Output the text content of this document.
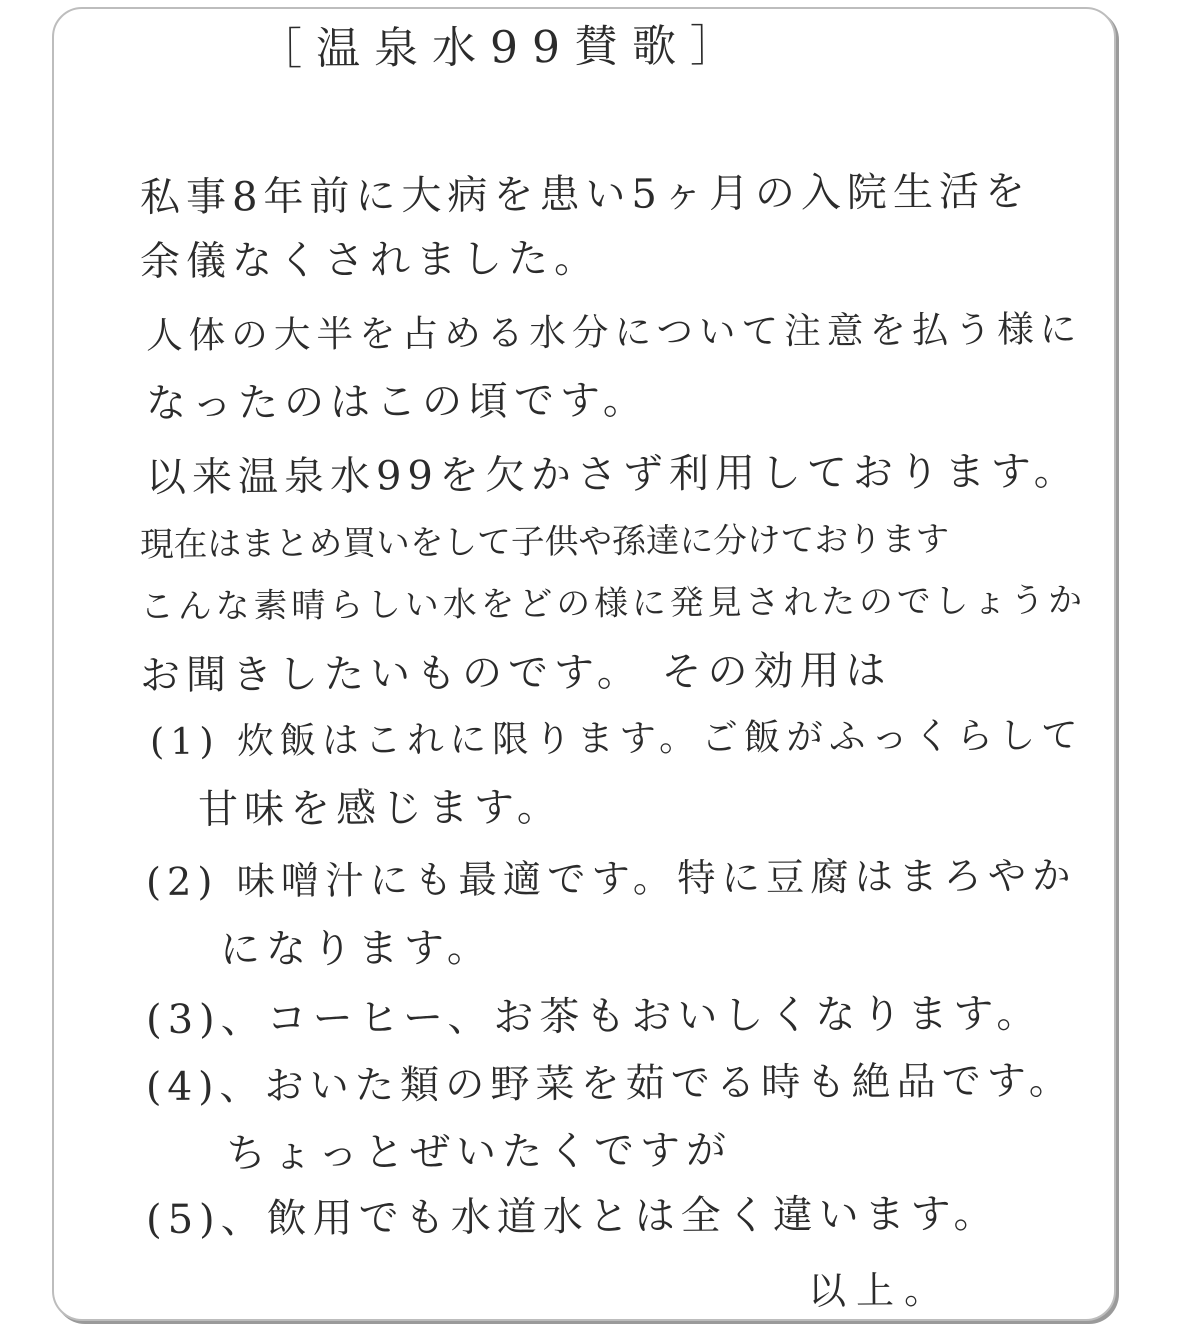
［温泉水99賛歌］

私事8年前に大病を患い5ヶ月の入院生活を

余儀なくされました。

人体の大半を占める水分について注意を払う様に

なったのはこの頃です。

以来温泉水99を欠かさず利用しております。

現在はまとめ買いをして子供や孫達に分けております

こんな素晴らしい水をどの様に発見されたのでしょうか

お聞きしたいものです。 その効用は

(1) 炊飯はこれに限ります。ご飯がふっくらして

甘味を感じます。

(2) 味噌汁にも最適です。特に豆腐はまろやか

になります。

(3)、コーヒー、お茶もおいしくなります。

(4)、おいた類の野菜を茹でる時も絶品です。

ちょっとぜいたくですが

(5)、飲用でも水道水とは全く違います。

以上。
